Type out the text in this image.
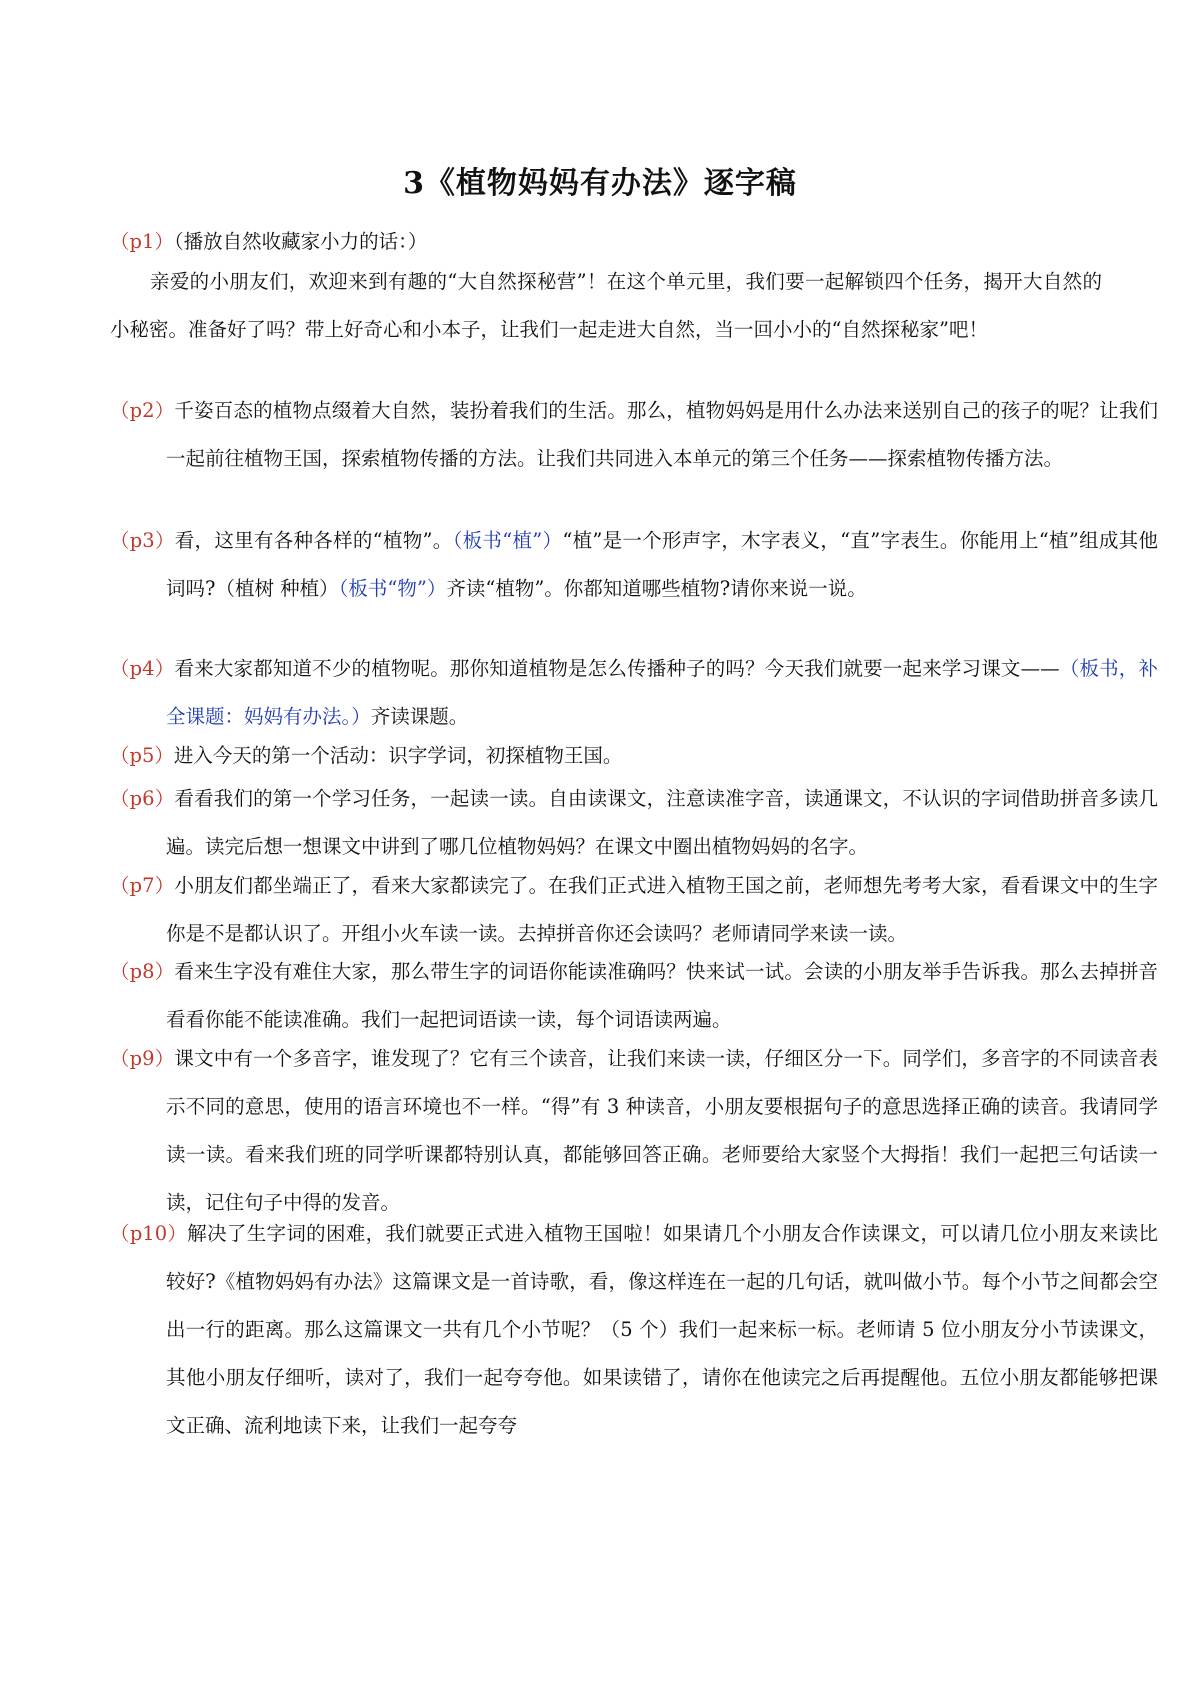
3《植物妈妈有办法》逐字稿
（p1）（播放自然收藏家小力的话：）
亲爱的小朋友们，欢迎来到有趣的“大自然探秘营”！在这个单元里，我们要一起解锁四个任务，揭开大自然的小秘密。准备好了吗？带上好奇心和小本子，让我们一起走进大自然，当一回小小的“自然探秘家”吧！
（p2）千姿百态的植物点缀着大自然，装扮着我们的生活。那么，植物妈妈是用什么办法来送别自己的孩子的呢？让我们一起前往植物王国，探索植物传播的方法。让我们共同进入本单元的第三个任务——探索植物传播方法。
（p3）看，这里有各种各样的“植物”。（板书“植”）“植”是一个形声字，木字表义，“直”字表生。你能用上“植”组成其他词吗?（植树 种植）（板书“物”）齐读“植物”。你都知道哪些植物?请你来说一说。
（p4）看来大家都知道不少的植物呢。那你知道植物是怎么传播种子的吗？今天我们就要一起来学习课文——（板书，补全课题：妈妈有办法。）齐读课题。
（p5）进入今天的第一个活动：识字学词，初探植物王国。
（p6）看看我们的第一个学习任务，一起读一读。自由读课文，注意读准字音，读通课文，不认识的字词借助拼音多读几遍。读完后想一想课文中讲到了哪几位植物妈妈？在课文中圈出植物妈妈的名字。
（p7）小朋友们都坐端正了，看来大家都读完了。在我们正式进入植物王国之前，老师想先考考大家，看看课文中的生字你是不是都认识了。开组小火车读一读。去掉拼音你还会读吗？老师请同学来读一读。
（p8）看来生字没有难住大家，那么带生字的词语你能读准确吗？快来试一试。会读的小朋友举手告诉我。那么去掉拼音看看你能不能读准确。我们一起把词语读一读，每个词语读两遍。
（p9）课文中有一个多音字，谁发现了？它有三个读音，让我们来读一读，仔细区分一下。同学们，多音字的不同读音表示不同的意思，使用的语言环境也不一样。“得”有 3 种读音，小朋友要根据句子的意思选择正确的读音。我请同学读一读。看来我们班的同学听课都特别认真，都能够回答正确。老师要给大家竖个大拇指！我们一起把三句话读一读，记住句子中得的发音。
（p10）解决了生字词的困难，我们就要正式进入植物王国啦！如果请几个小朋友合作读课文，可以请几位小朋友来读比较好?《植物妈妈有办法》这篇课文是一首诗歌，看，像这样连在一起的几句话，就叫做小节。每个小节之间都会空出一行的距离。那么这篇课文一共有几个小节呢？（5 个）我们一起来标一标。老师请 5 位小朋友分小节读课文，其他小朋友仔细听，读对了，我们一起夸夸他。如果读错了，请你在他读完之后再提醒他。五位小朋友都能够把课文正确、流利地读下来，让我们一起夸夸
